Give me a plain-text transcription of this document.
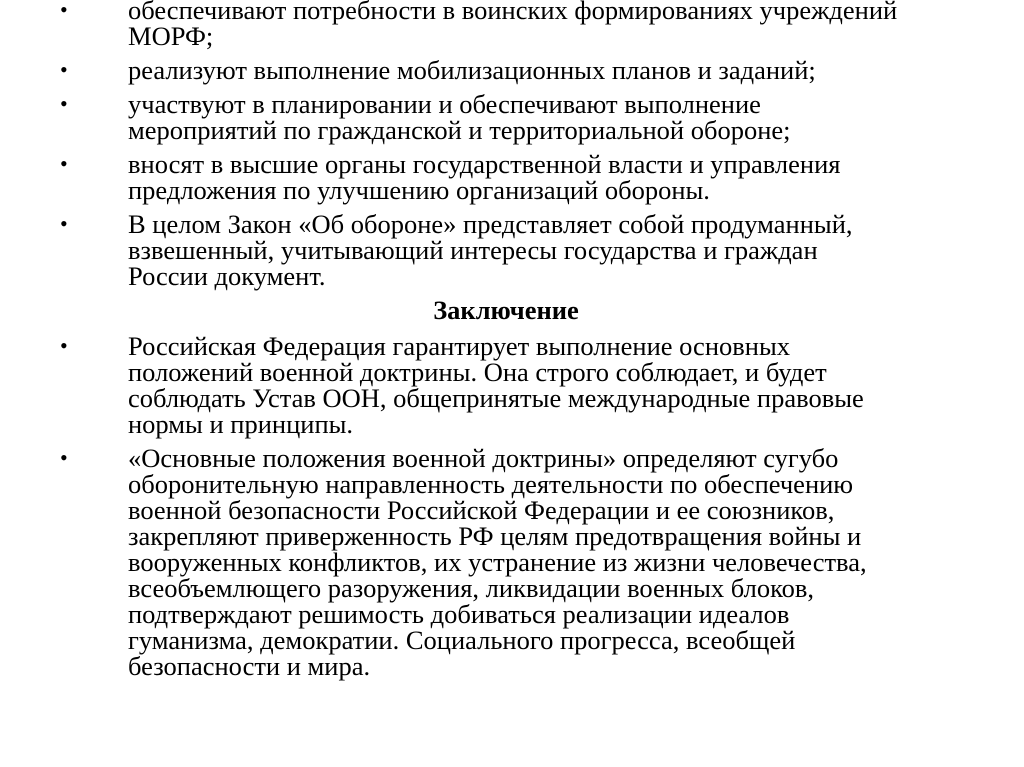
• обеспечивают потребности в воинских формированиях учреждений
МОРФ;
• реализуют выполнение мобилизационных планов и заданий;
• участвуют в планировании и обеспечивают выполнение
мероприятий по гражданской и территориальной обороне;
• вносят в высшие органы государственной власти и управления
предложения по улучшению организаций обороны.
• В целом Закон «Об обороне» представляет собой продуманный,
взвешенный, учитывающий интересы государства и граждан
России документ.
Заключение
• Российская Федерация гарантирует выполнение основных
положений военной доктрины. Она строго соблюдает, и будет
соблюдать Устав ООН, общепринятые международные правовые
нормы и принципы.
• «Основные положения военной доктрины» определяют сугубо
оборонительную направленность деятельности по обеспечению
военной безопасности Российской Федерации и ее союзников,
закрепляют приверженность РФ целям предотвращения войны и
вооруженных конфликтов, их устранение из жизни человечества,
всеобъемлющего разоружения, ликвидации военных блоков,
подтверждают решимость добиваться реализации идеалов
гуманизма, демократии. Социального прогресса, всеобщей
безопасности и мира.
